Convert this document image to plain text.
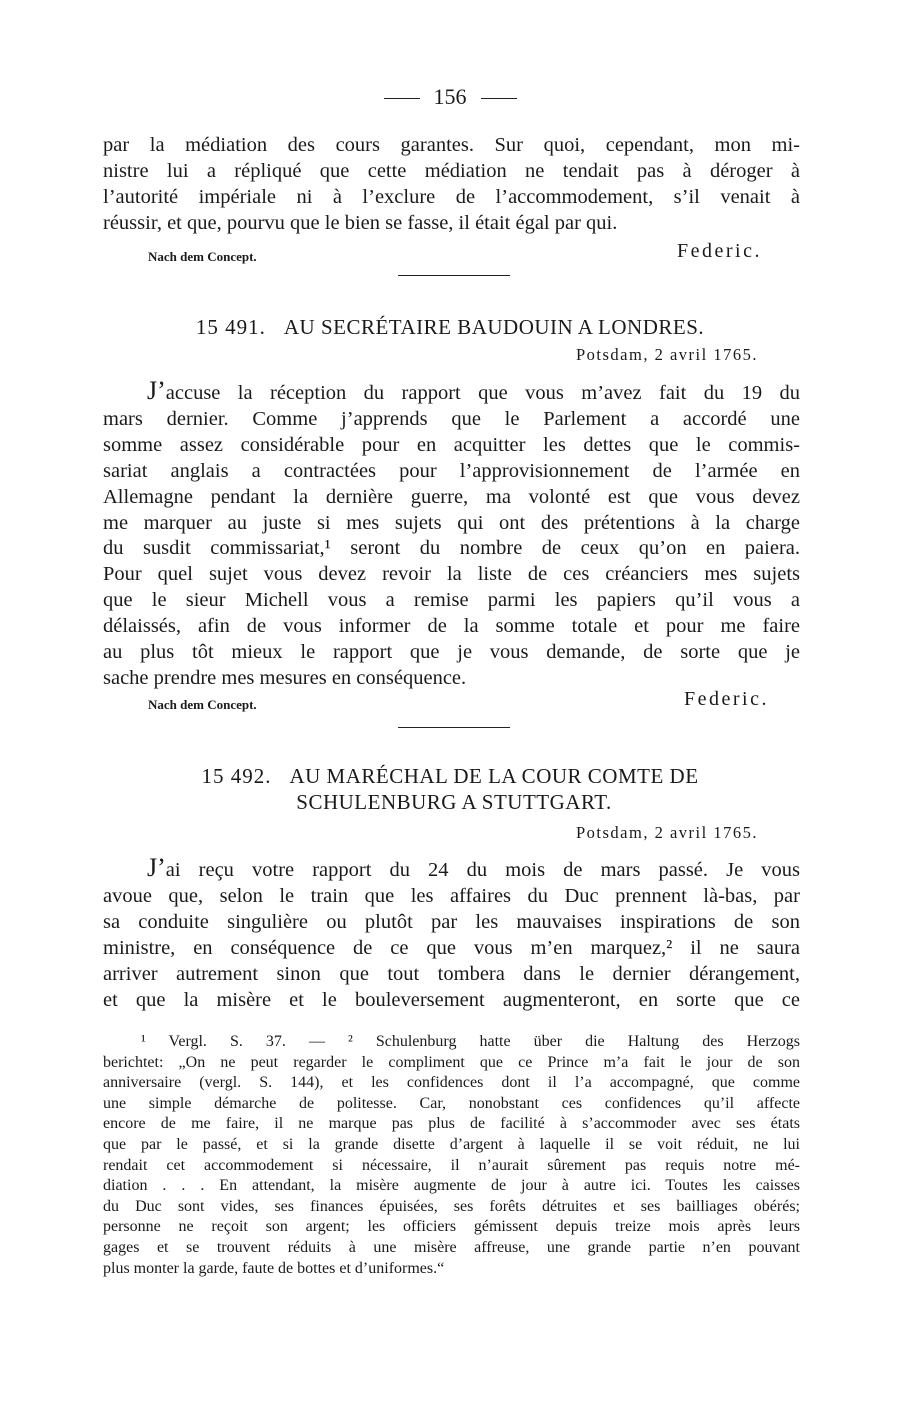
156
par la médiation des cours garantes. Sur quoi, cependant, mon mi-
nistre lui a répliqué que cette médiation ne tendait pas à déroger à
l’autorité impériale ni à l’exclure de l’accommodement, s’il venait à
réussir, et que, pourvu que le bien se fasse, il était égal par qui.
Nach dem Concept.	Federic.
15 491. AU SECRÉTAIRE BAUDOUIN A LONDRES.
Potsdam, 2 avril 1765.
J’accuse la réception du rapport que vous m’avez fait du 19 du
mars dernier. Comme j’apprends que le Parlement a accordé une
somme assez considérable pour en acquitter les dettes que le commis-
sariat anglais a contractées pour l’approvisionnement de l’armée en
Allemagne pendant la dernière guerre, ma volonté est que vous devez
me marquer au juste si mes sujets qui ont des prétentions à la charge
du susdit commissariat,¹ seront du nombre de ceux qu’on en paiera.
Pour quel sujet vous devez revoir la liste de ces créanciers mes sujets
que le sieur Michell vous a remise parmi les papiers qu’il vous a
délaissés, afin de vous informer de la somme totale et pour me faire
au plus tôt mieux le rapport que je vous demande, de sorte que je
sache prendre mes mesures en conséquence.
Nach dem Concept.	Federic.
15 492. AU MARÉCHAL DE LA COUR COMTE DE
SCHULENBURG A STUTTGART.
Potsdam, 2 avril 1765.
J’ai reçu votre rapport du 24 du mois de mars passé. Je vous
avoue que, selon le train que les affaires du Duc prennent là-bas, par
sa conduite singulière ou plutôt par les mauvaises inspirations de son
ministre, en conséquence de ce que vous m’en marquez,² il ne saura
arriver autrement sinon que tout tombera dans le dernier dérangement,
et que la misère et le bouleversement augmenteront, en sorte que ce
¹ Vergl. S. 37. — ² Schulenburg hatte über die Haltung des Herzogs
berichtet: „On ne peut regarder le compliment que ce Prince m’a fait le jour de son
anniversaire (vergl. S. 144), et les confidences dont il l’a accompagné, que comme
une simple démarche de politesse. Car, nonobstant ces confidences qu’il affecte
encore de me faire, il ne marque pas plus de facilité à s’accommoder avec ses états
que par le passé, et si la grande disette d’argent à laquelle il se voit réduit, ne lui
rendait cet accommodement si nécessaire, il n’aurait sûrement pas requis notre mé-
diation . . . En attendant, la misère augmente de jour à autre ici. Toutes les caisses
du Duc sont vides, ses finances épuisées, ses forêts détruites et ses bailliages obérés;
personne ne reçoit son argent; les officiers gémissent depuis treize mois après leurs
gages et se trouvent réduits à une misère affreuse, une grande partie n’en pouvant
plus monter la garde, faute de bottes et d’uniformes.“
